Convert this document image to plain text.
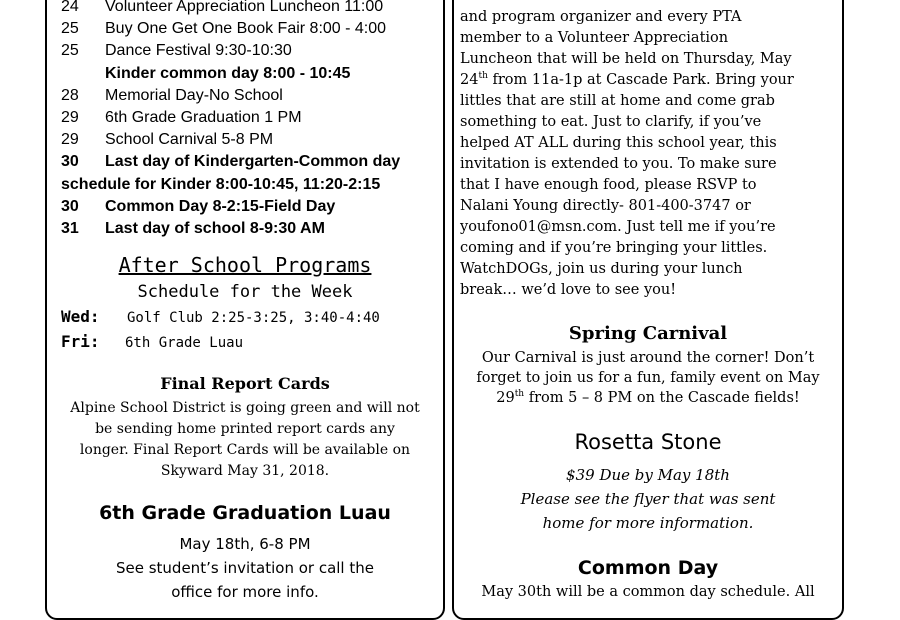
24 Volunteer Appreciation Luncheon 11:00
25 Buy One Get One Book Fair 8:00 - 4:00
25 Dance Festival 9:30-10:30
Kinder common day 8:00 - 10:45
28 Memorial Day-No School
29 6th Grade Graduation 1 PM
29 School Carnival 5-8 PM
30 Last day of Kindergarten-Common day
schedule for Kinder 8:00-10:45, 11:20-2:15
30 Common Day 8-2:15-Field Day
31 Last day of school 8-9:30 AM
After School Programs
Schedule for the Week
Wed: Golf Club 2:25-3:25, 3:40-4:40
Fri: 6th Grade Luau
Final Report Cards
Alpine School District is going green and will not
be sending home printed report cards any
longer. Final Report Cards will be available on
Skyward May 31, 2018.
6th Grade Graduation Luau
May 18th, 6-8 PM
See student’s invitation or call the
office for more info.
and program organizer and every PTA
member to a Volunteer Appreciation
Luncheon that will be held on Thursday, May
24th from 11a-1p at Cascade Park. Bring your
littles that are still at home and come grab
something to eat. Just to clarify, if you’ve
helped AT ALL during this school year, this
invitation is extended to you. To make sure
that I have enough food, please RSVP to
Nalani Young directly- 801-400-3747 or
youfono01@msn.com. Just tell me if you’re
coming and if you’re bringing your littles.
WatchDOGs, join us during your lunch
break… we’d love to see you!
Spring Carnival
Our Carnival is just around the corner! Don’t
forget to join us for a fun, family event on May
29th from 5 – 8 PM on the Cascade fields!
Rosetta Stone
$39 Due by May 18th
Please see the flyer that was sent
home for more information.
Common Day
May 30th will be a common day schedule. All
